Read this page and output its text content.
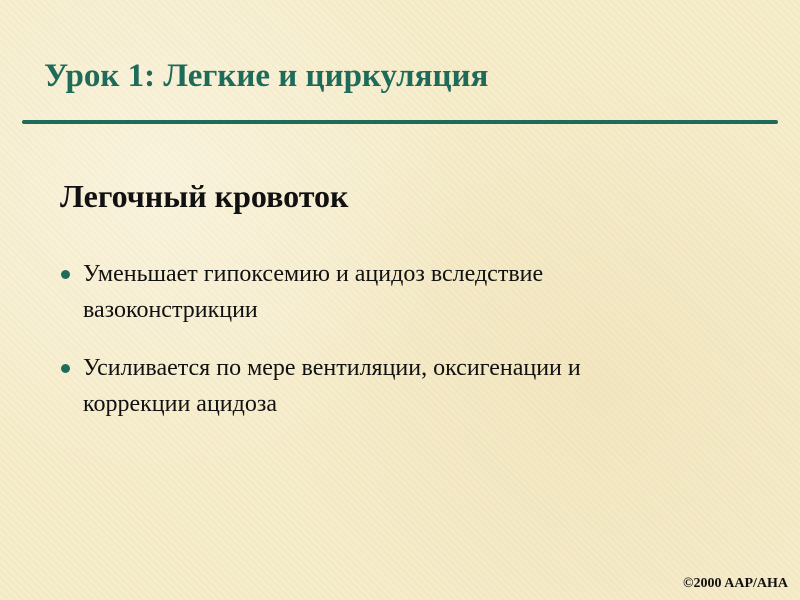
Урок 1: Легкие и циркуляция
Легочный кровоток
Уменьшает гипоксемию и ацидоз вследствие вазоконстрикции
Усиливается по мере вентиляции, оксигенации и коррекции ацидоза
©2000 AAP/AHA
